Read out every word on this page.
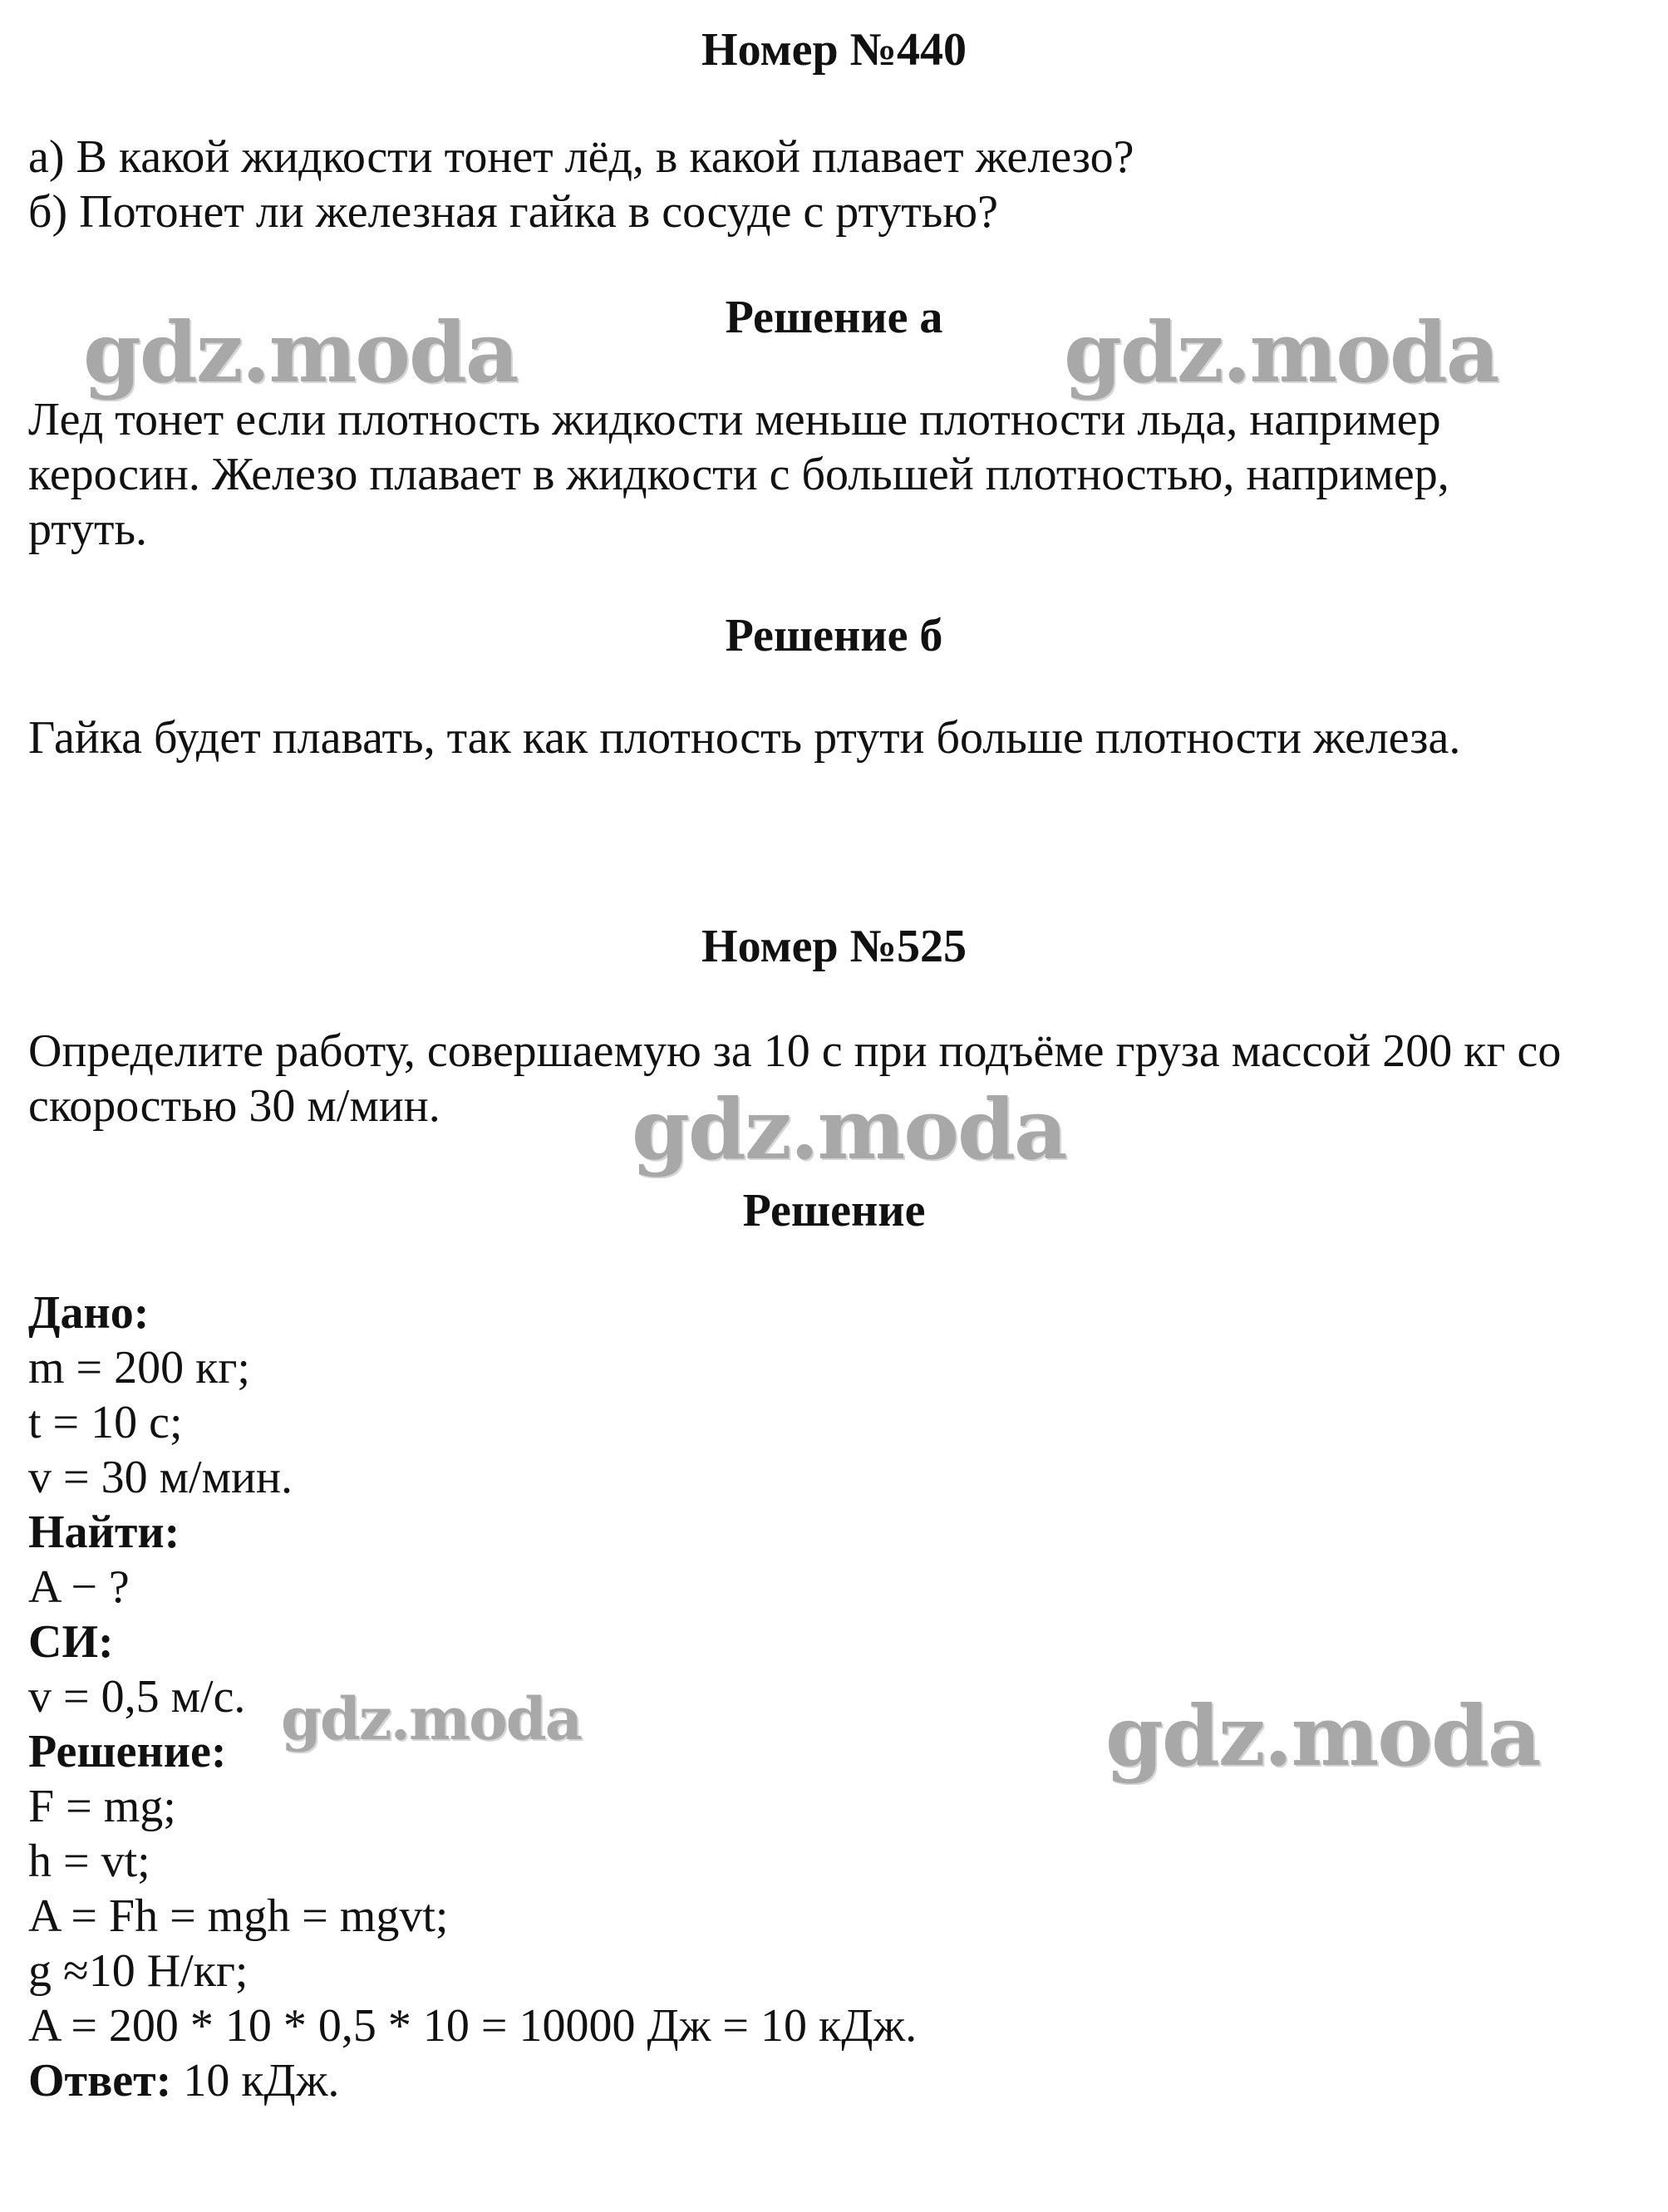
Номер №440
а) В какой жидкости тонет лёд, в какой плавает железо?
б) Потонет ли железная гайка в сосуде с ртутью?
Решение а
Лед тонет если плотность жидкости меньше плотности льда, например
керосин. Железо плавает в жидкости с большей плотностью, например,
ртуть.
Решение б
Гайка будет плавать, так как плотность ртути больше плотности железа.
Номер №525
Определите работу, совершаемую за 10 с при подъёме груза массой 200 кг со
скоростью 30 м/мин.
Решение
Дано:
m = 200 кг;
t = 10 с;
v = 30 м/мин.
Найти:
A − ?
СИ:
v = 0,5 м/с.
Решение:
F = mg;
h = vt;
A = Fh = mgh = mgvt;
g ≈10 Н/кг;
A = 200 * 10 * 0,5 * 10 = 10000 Дж = 10 кДж.
Ответ: 10 кДж.
gdz.moda	gdz.moda
gdz.moda
gdz.moda	gdz.moda
